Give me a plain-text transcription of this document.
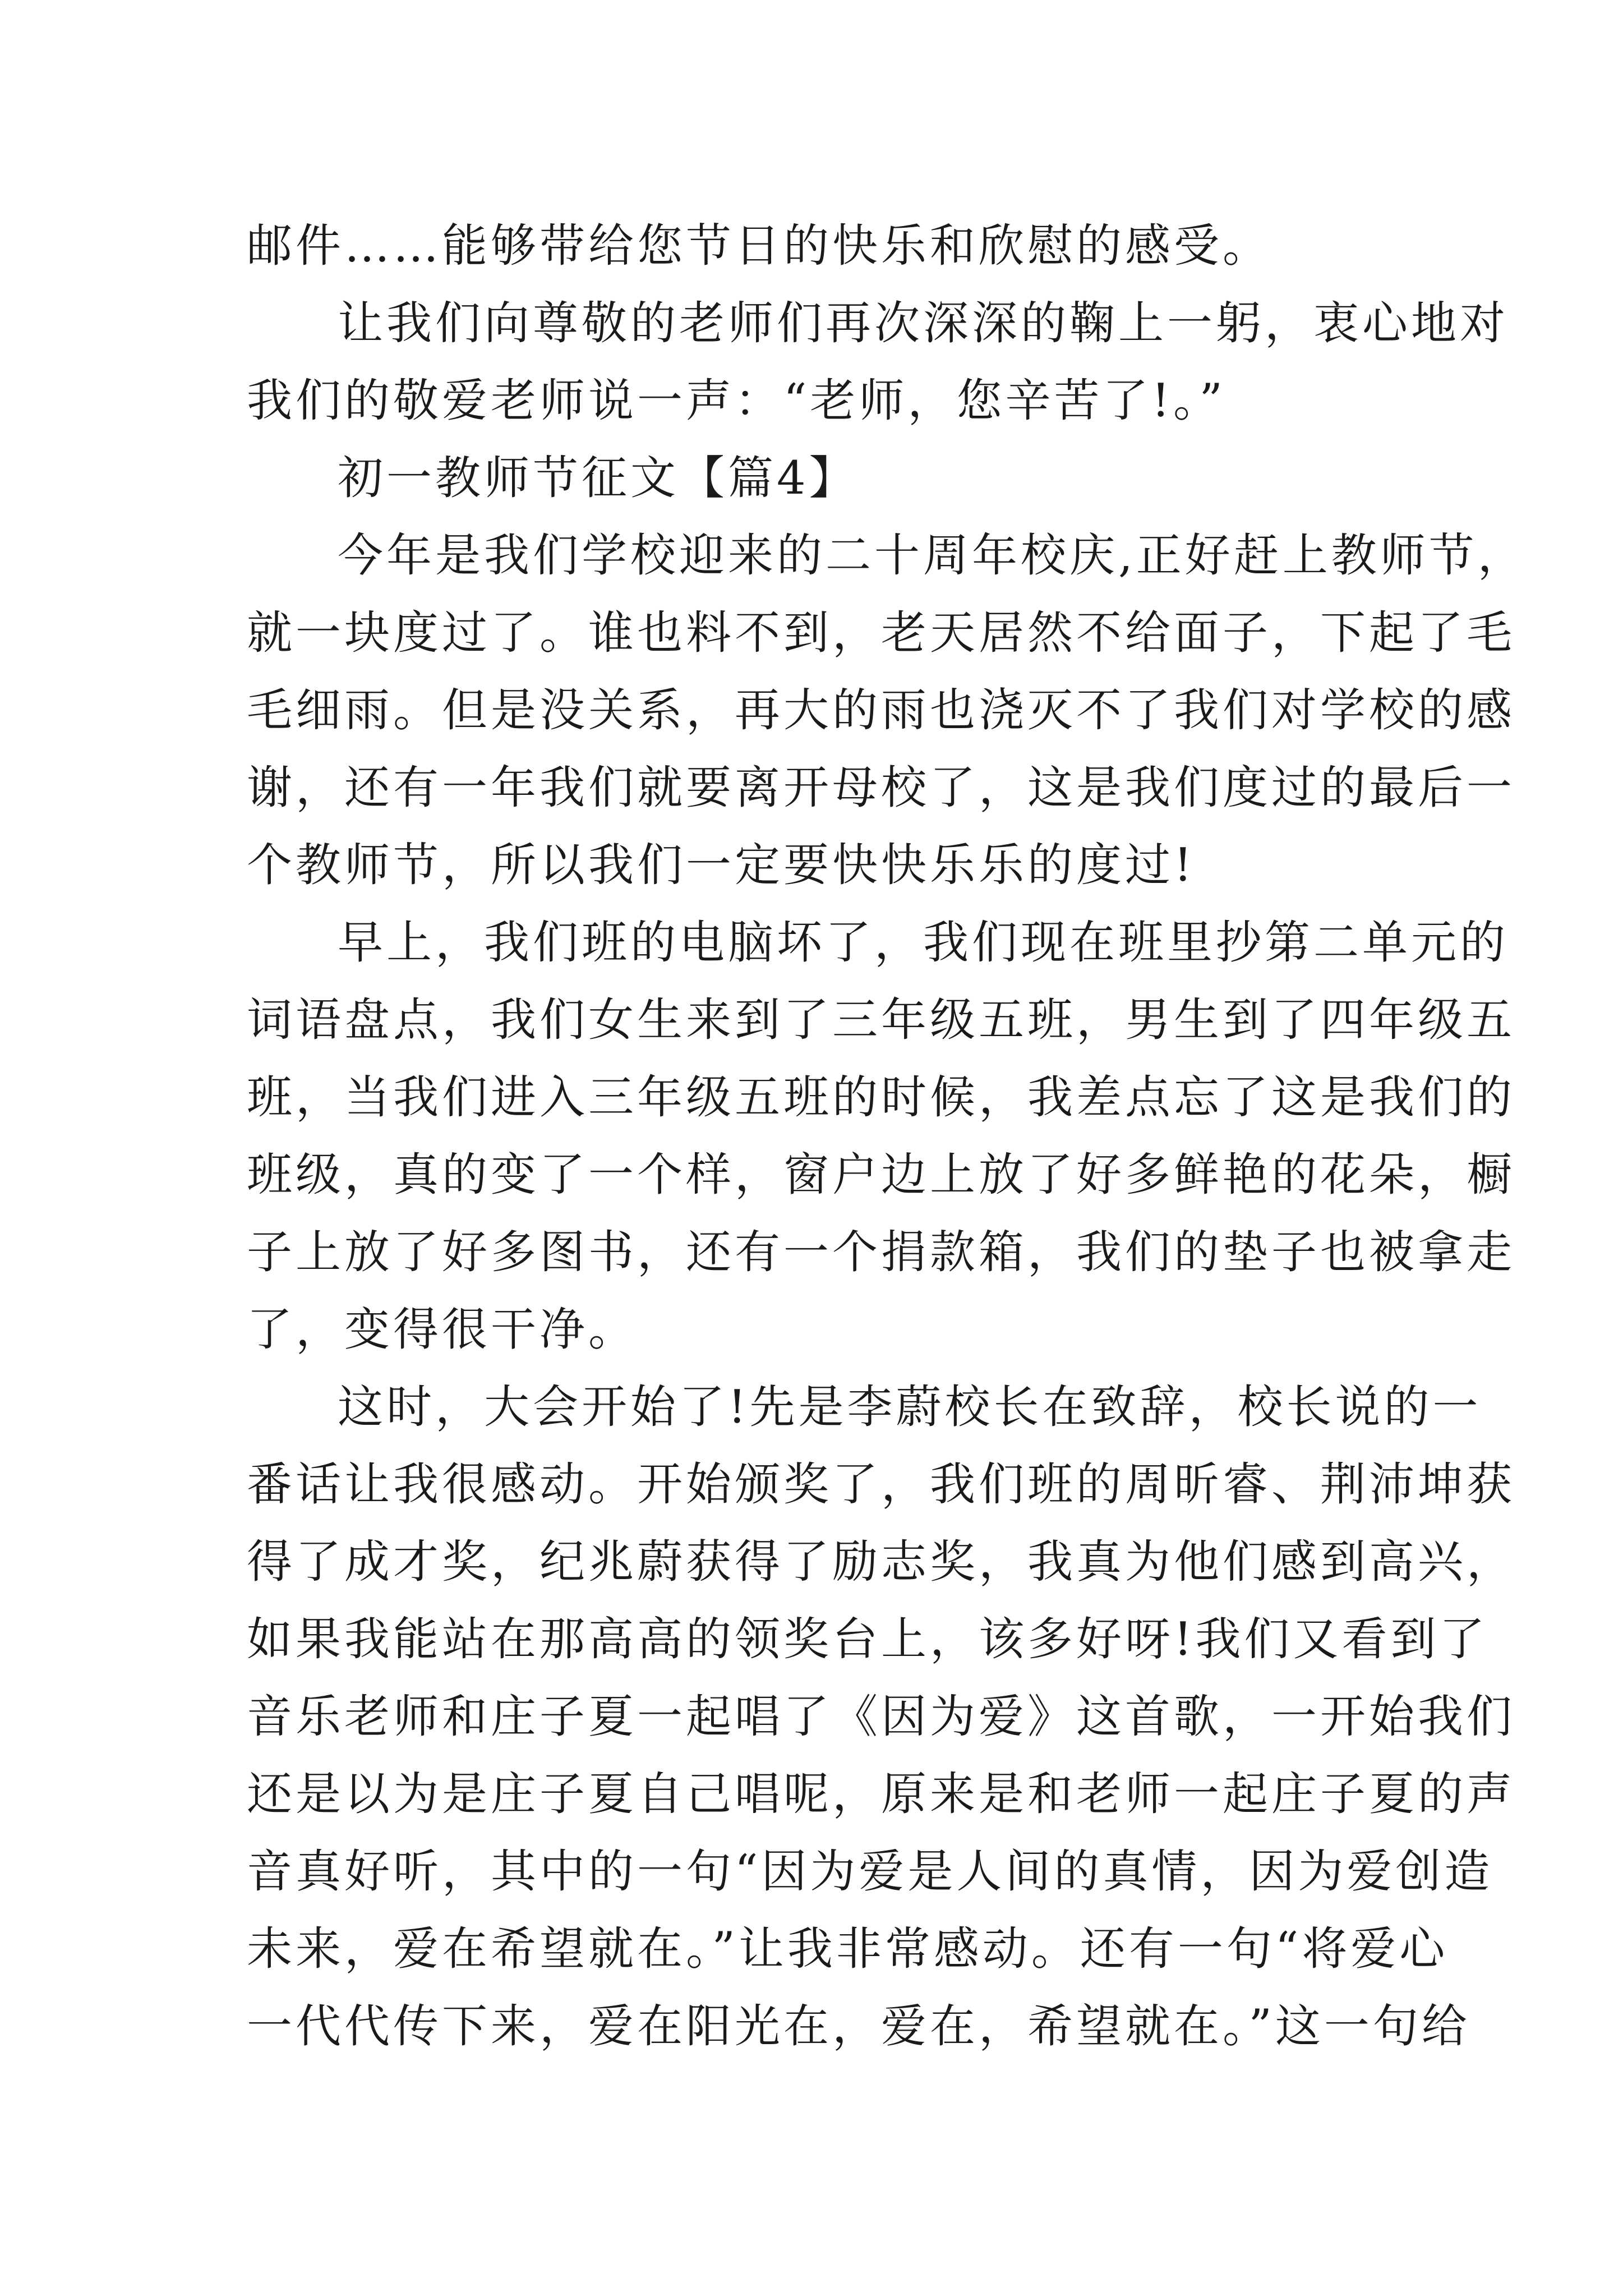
邮件……能够带给您节日的快乐和欣慰的感受。
让我们向尊敬的老师们再次深深的鞠上一躬，衷心地对
我们的敬爱老师说一声：“老师，您辛苦了!。”
初一教师节征文【篇4】
今年是我们学校迎来的二十周年校庆,正好赶上教师节，
就一块度过了。谁也料不到，老天居然不给面子，下起了毛
毛细雨。但是没关系，再大的雨也浇灭不了我们对学校的感
谢，还有一年我们就要离开母校了，这是我们度过的最后一
个教师节，所以我们一定要快快乐乐的度过!
早上，我们班的电脑坏了，我们现在班里抄第二单元的
词语盘点，我们女生来到了三年级五班，男生到了四年级五
班，当我们进入三年级五班的时候，我差点忘了这是我们的
班级，真的变了一个样，窗户边上放了好多鲜艳的花朵，橱
子上放了好多图书，还有一个捐款箱，我们的垫子也被拿走
了，变得很干净。
这时，大会开始了!先是李蔚校长在致辞，校长说的一
番话让我很感动。开始颁奖了，我们班的周昕睿、荆沛坤获
得了成才奖，纪兆蔚获得了励志奖，我真为他们感到高兴，
如果我能站在那高高的领奖台上，该多好呀!我们又看到了
音乐老师和庄子夏一起唱了《因为爱》这首歌，一开始我们
还是以为是庄子夏自己唱呢，原来是和老师一起庄子夏的声
音真好听，其中的一句“因为爱是人间的真情，因为爱创造
未来，爱在希望就在。”让我非常感动。还有一句“将爱心
一代代传下来，爱在阳光在，爱在，希望就在。”这一句给
